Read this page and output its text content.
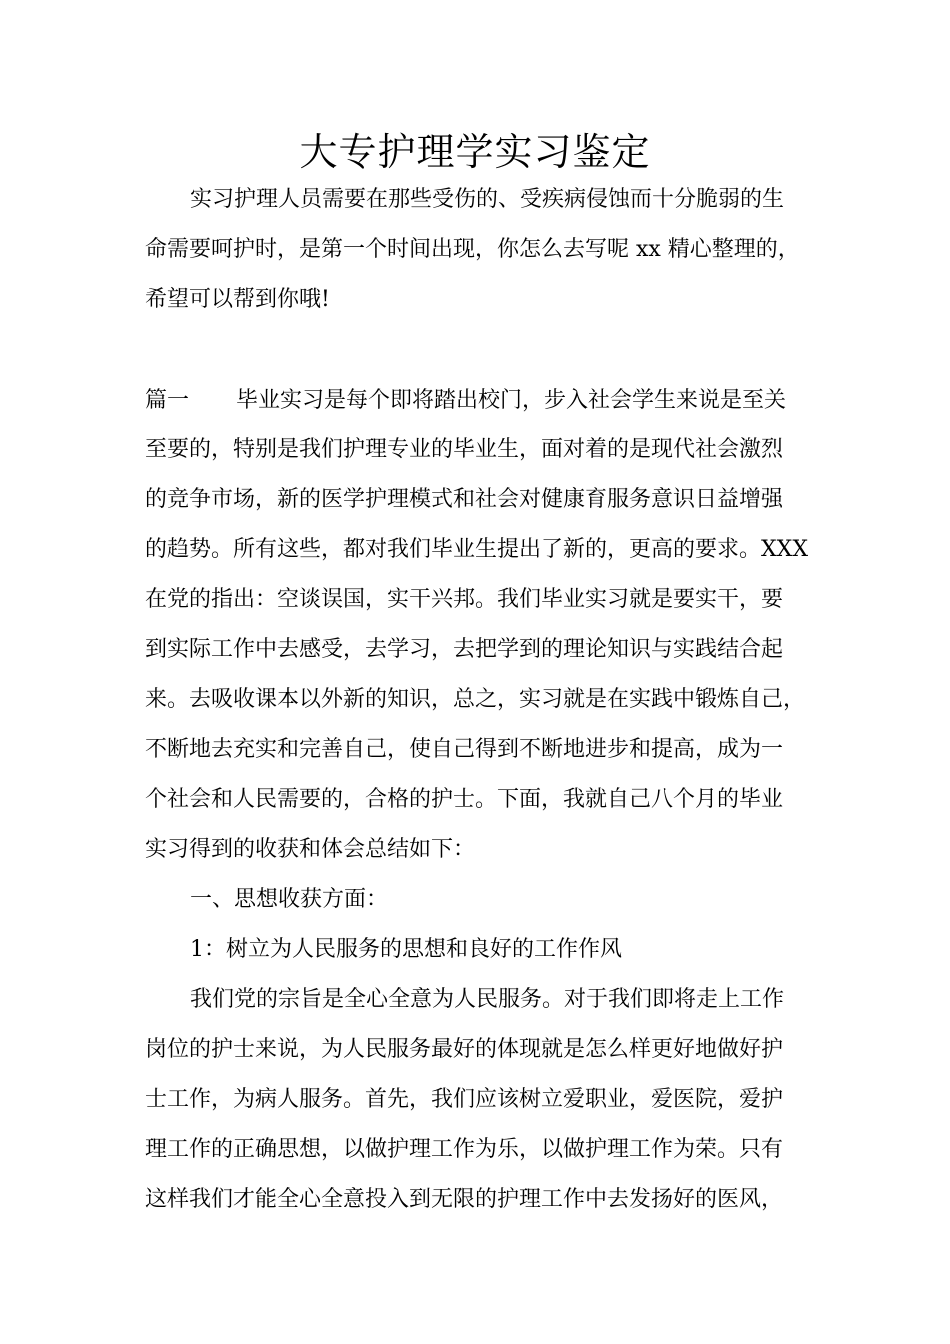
大专护理学实习鉴定
实习护理人员需要在那些受伤的、受疾病侵蚀而十分脆弱的生
命需要呵护时，是第一个时间出现，你怎么去写呢 xx 精心整理的，
希望可以帮到你哦!
篇一 毕业实习是每个即将踏出校门，步入社会学生来说是至关
至要的，特别是我们护理专业的毕业生，面对着的是现代社会激烈
的竞争市场，新的医学护理模式和社会对健康育服务意识日益增强
的趋势。所有这些，都对我们毕业生提出了新的，更高的要求。XXX
在党的指出：空谈误国，实干兴邦。我们毕业实习就是要实干，要
到实际工作中去感受，去学习，去把学到的理论知识与实践结合起
来。去吸收课本以外新的知识，总之，实习就是在实践中锻炼自己，
不断地去充实和完善自己，使自己得到不断地进步和提高，成为一
个社会和人民需要的，合格的护士。下面，我就自己八个月的毕业
实习得到的收获和体会总结如下：
一、思想收获方面：
1：树立为人民服务的思想和良好的工作作风
我们党的宗旨是全心全意为人民服务。对于我们即将走上工作
岗位的护士来说，为人民服务最好的体现就是怎么样更好地做好护
士工作，为病人服务。首先，我们应该树立爱职业，爱医院，爱护
理工作的正确思想，以做护理工作为乐，以做护理工作为荣。只有
这样我们才能全心全意投入到无限的护理工作中去发扬好的医风，
